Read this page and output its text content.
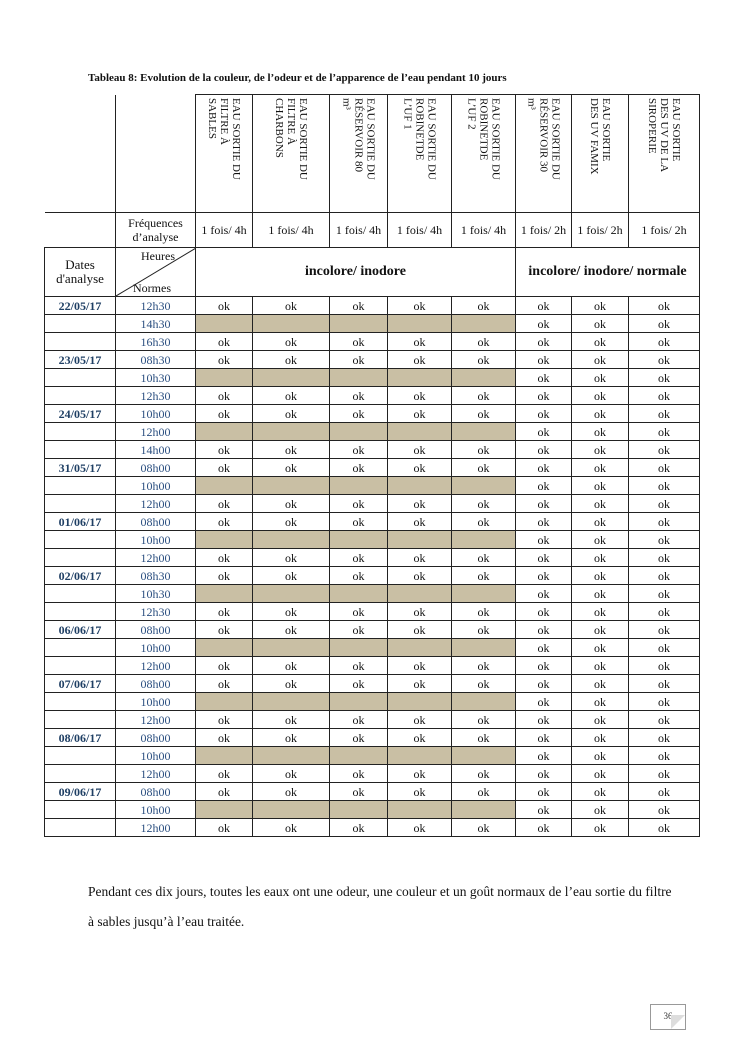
Tableau 8: Evolution de la couleur, de l’odeur et de l’apparence de l’eau pendant 10 jours

		EAU SORTIE DU
FILTRE À
SABLES	EAU SORTIE DU
FILTRE À
CHARBONS	EAU SORTIE DU
RÉSERVOIR 80
m³	EAU SORTIE DU
ROBINETDE
L’UF 1	EAU SORTIE DU
ROBINETDE
L’UF 2	EAU SORTIE DU
RÉSERVOIR 30
m³	EAU SORTIE
DES UV FAMIX	EAU SORTIE
DES UV DE LA
SIROPERIE

	Fréquences d’analyse	1 fois/ 4h	1 fois/ 4h	1 fois/ 4h	1 fois/ 4h	1 fois/ 4h	1 fois/ 2h	1 fois/ 2h	1 fois/ 2h
Dates d'analyse	Heures
Normes	incolore/ inodore					incolore/ inodore/ normale		
22/05/17	12h30	ok	ok	ok	ok	ok	ok	ok	ok
	14h30						ok	ok	ok
	16h30	ok	ok	ok	ok	ok	ok	ok	ok
23/05/17	08h30	ok	ok	ok	ok	ok	ok	ok	ok
	10h30						ok	ok	ok
	12h30	ok	ok	ok	ok	ok	ok	ok	ok
24/05/17	10h00	ok	ok	ok	ok	ok	ok	ok	ok
	12h00						ok	ok	ok
	14h00	ok	ok	ok	ok	ok	ok	ok	ok
31/05/17	08h00	ok	ok	ok	ok	ok	ok	ok	ok
	10h00						ok	ok	ok
	12h00	ok	ok	ok	ok	ok	ok	ok	ok
01/06/17	08h00	ok	ok	ok	ok	ok	ok	ok	ok
	10h00						ok	ok	ok
	12h00	ok	ok	ok	ok	ok	ok	ok	ok
02/06/17	08h30	ok	ok	ok	ok	ok	ok	ok	ok
	10h30						ok	ok	ok
	12h30	ok	ok	ok	ok	ok	ok	ok	ok
06/06/17	08h00	ok	ok	ok	ok	ok	ok	ok	ok
	10h00						ok	ok	ok
	12h00	ok	ok	ok	ok	ok	ok	ok	ok
07/06/17	08h00	ok	ok	ok	ok	ok	ok	ok	ok
	10h00						ok	ok	ok
	12h00	ok	ok	ok	ok	ok	ok	ok	ok
08/06/17	08h00	ok	ok	ok	ok	ok	ok	ok	ok
	10h00						ok	ok	ok
	12h00	ok	ok	ok	ok	ok	ok	ok	ok
09/06/17	08h00	ok	ok	ok	ok	ok	ok	ok	ok
	10h00						ok	ok	ok
	12h00	ok	ok	ok	ok	ok	ok	ok	ok
Pendant ces dix jours, toutes les eaux ont une odeur, une couleur et un goût normaux de l’eau sortie du filtre à sables jusqu’à l’eau traitée.
36
